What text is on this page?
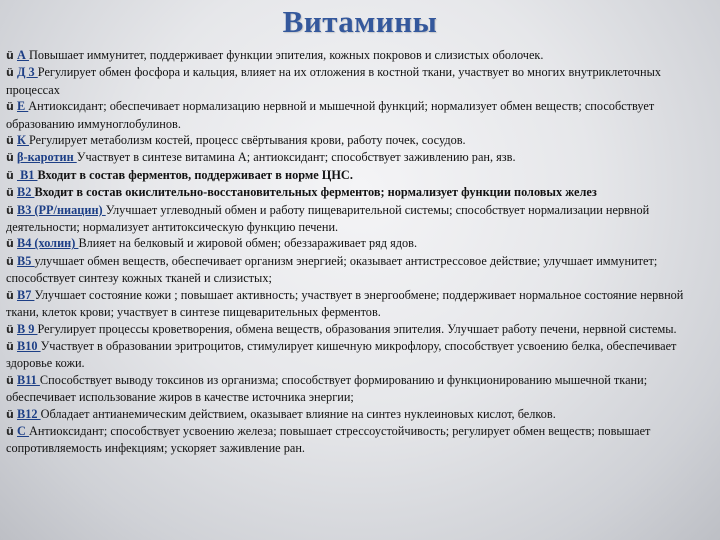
Витамины
ü А Повышает иммунитет, поддерживает функции эпителия, кожных покровов и слизистых оболочек.
ü Д 3 Регулирует обмен фосфора и кальция, влияет на их отложения в костной ткани, участвует во многих внутриклеточных процессах
ü Е Антиоксидант; обеспечивает нормализацию нервной и мышечной функций; нормализует обмен веществ; способствует образованию иммуноглобулинов.
ü К Регулирует метаболизм костей, процесс свёртывания крови, работу почек, сосудов.
ü β-каротин Участвует в синтезе витамина А; антиоксидант; способствует заживлению ран, язв.
ü В1 Входит в состав ферментов, поддерживает в норме ЦНС.
ü В2 Входит в состав окислительно-восстановительных ферментов; нормализует функции половых желез
ü В3 (РР/ниацин) Улучшает углеводный обмен и работу пищеварительной системы; способствует нормализации нервной деятельности; нормализует антитоксическую функцию печени.
ü В4 (холин) Влияет на белковый и жировой обмен; обеззараживает ряд ядов.
ü В5 улучшает обмен веществ, обеспечивает организм энергией; оказывает антистрессовое действие; улучшает иммунитет; способствует синтезу кожных тканей и слизистых;
ü В7 Улучшает состояние кожи ; повышает активность; участвует в энергообмене; поддерживает нормальное состояние нервной ткани, клеток крови; участвует в синтезе пищеварительных ферментов.
ü В 9 Регулирует процессы кроветворения, обмена веществ, образования эпителия. Улучшает работу печени, нервной системы.
ü В10 Участвует в образовании эритроцитов, стимулирует кишечную микрофлору, способствует усвоению белка, обеспечивает здоровье кожи.
ü В11 Способствует выводу токсинов из организма; способствует формированию и функционированию мышечной ткани; обеспечивает использование жиров в качестве источника энергии;
ü В12 Обладает антианемическим действием, оказывает влияние на синтез нуклеиновых кислот, белков.
ü С Антиоксидант; способствует усвоению железа; повышает стрессоустойчивость; регулирует обмен веществ; повышает сопротивляемость инфекциям; ускоряет заживление ран.
